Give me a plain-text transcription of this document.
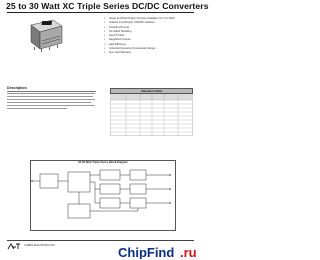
25 to 30 Watt XC Triple Series DC/DC Converters
• Single and Dual Output Versions Available from 5 to 30W
• Isolated Input/Output, 500VDC Isolation
• Standard Pinouts
• Six-Sided Shielding
• Input Pi Filter
• Regulated Outputs
• High Efficiency
• Industrial Operating Temperature Range
• Five Year Warranty
Description
Selection Chart
25-30 Watt Triple Series Block Diagram
LAMBDA ELECTRONICS INC.	ChipFind .ru
